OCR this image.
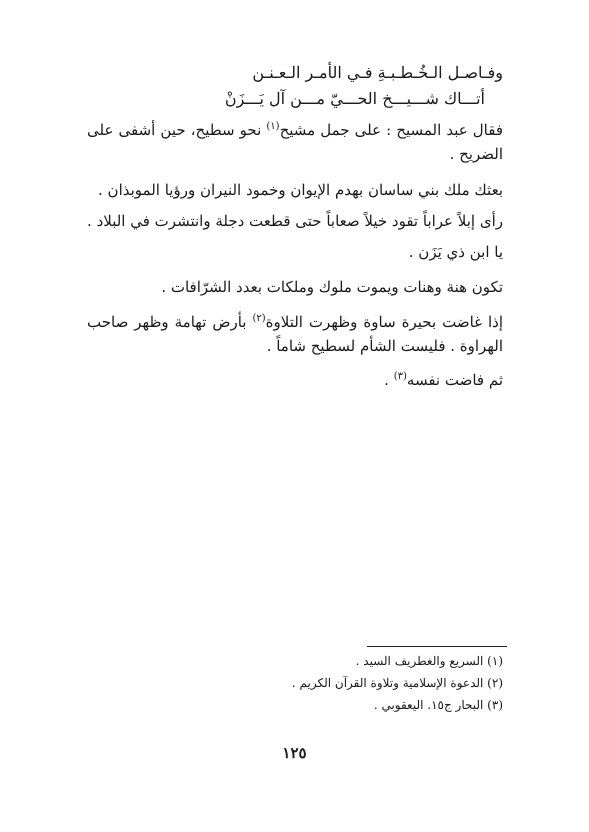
وفـاصـل الـخُـطـبـةِ فـي الأمـر الـعـنـن
أتـــاك شـــيـــخ الحـــيّ مـــن آل يَـــزَنْ
فقال عبد المسيح : على جمل مشيح$^{(١)}$ نحو سطيح، حين أشفى على الضريح .
بعثك ملك بني ساسان بهدم الإيوان وخمود النيران ورؤيا الموبذان .
رأى إبلاً عراباً تقود خيلاً صعاباً حتى قطعت دجلة وانتشرت في البلاد .
يا ابن ذي يَزَن .
تكون هنة وهنات ويموت ملوك وملكات بعدد الشرّافات .
إذا غاضت بحيرة ساوة وظهرت التلاوة$^{(٢)}$ بأرض تهامة وظهر صاحب الهراوة . فليست الشأم لسطيح شاماً .
ثم فاضت نفسه$^{(٣)}$ .
(١) السريع والغطريف السيد .
(٢) الدعوة الإسلامية وتلاوة القرآن الكريم .
(٣) البحار ج١٥. اليعقوبي .
١٢٥
